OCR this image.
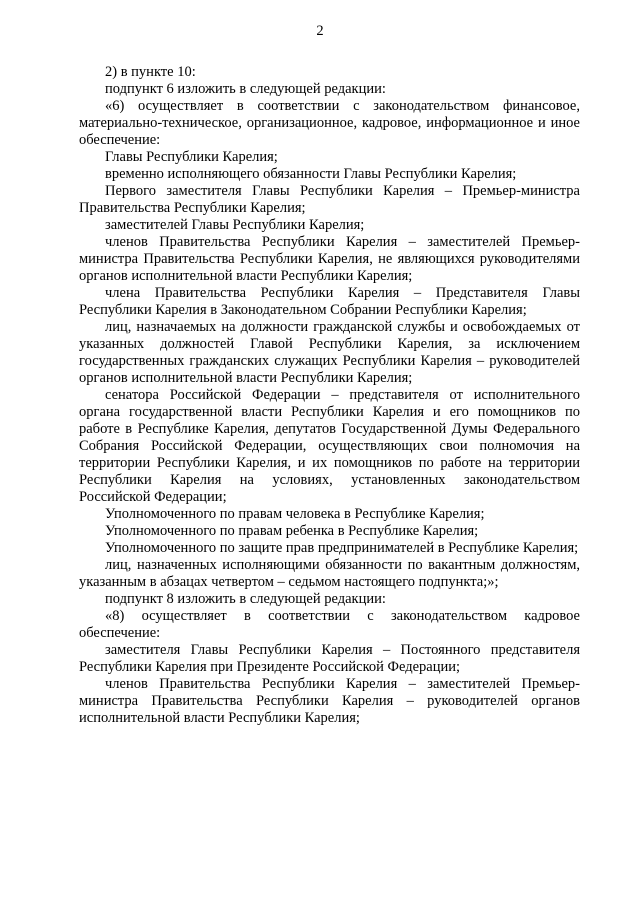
2

2) в пункте 10:

подпункт 6 изложить в следующей редакции:

«6) осуществляет в соответствии с законодательством финансовое, материально-техническое, организационное, кадровое, информационное и иное обеспечение:

Главы Республики Карелия;

временно исполняющего обязанности Главы Республики Карелия;

Первого заместителя Главы Республики Карелия – Премьер-министра Правительства Республики Карелия;

заместителей Главы Республики Карелия;

членов Правительства Республики Карелия – заместителей Премьер-министра Правительства Республики Карелия, не являющихся руководителями органов исполнительной власти Республики Карелия;

члена Правительства Республики Карелия – Представителя Главы Республики Карелия в Законодательном Собрании Республики Карелия;

лиц, назначаемых на должности гражданской службы и освобождаемых от указанных должностей Главой Республики Карелия, за исключением государственных гражданских служащих Республики Карелия – руководителей органов исполнительной власти Республики Карелия;

сенатора Российской Федерации – представителя от исполнительного органа государственной власти Республики Карелия и его помощников по работе в Республике Карелия, депутатов Государственной Думы Федерального Собрания Российской Федерации, осуществляющих свои полномочия на территории Республики Карелия, и их помощников по работе на территории Республики Карелия на условиях, установленных законодательством Российской Федерации;

Уполномоченного по правам человека в Республике Карелия;

Уполномоченного по правам ребенка в Республике Карелия;

Уполномоченного по защите прав предпринимателей в Республике Карелия;

лиц, назначенных исполняющими обязанности по вакантным должностям, указанным в абзацах четвертом – седьмом настоящего подпункта;»;

подпункт 8 изложить в следующей редакции:

«8) осуществляет в соответствии с законодательством кадровое обеспечение:

заместителя Главы Республики Карелия – Постоянного представителя Республики Карелия при Президенте Российской Федерации;

членов Правительства Республики Карелия – заместителей Премьер-министра Правительства Республики Карелия – руководителей органов исполнительной власти Республики Карелия;
